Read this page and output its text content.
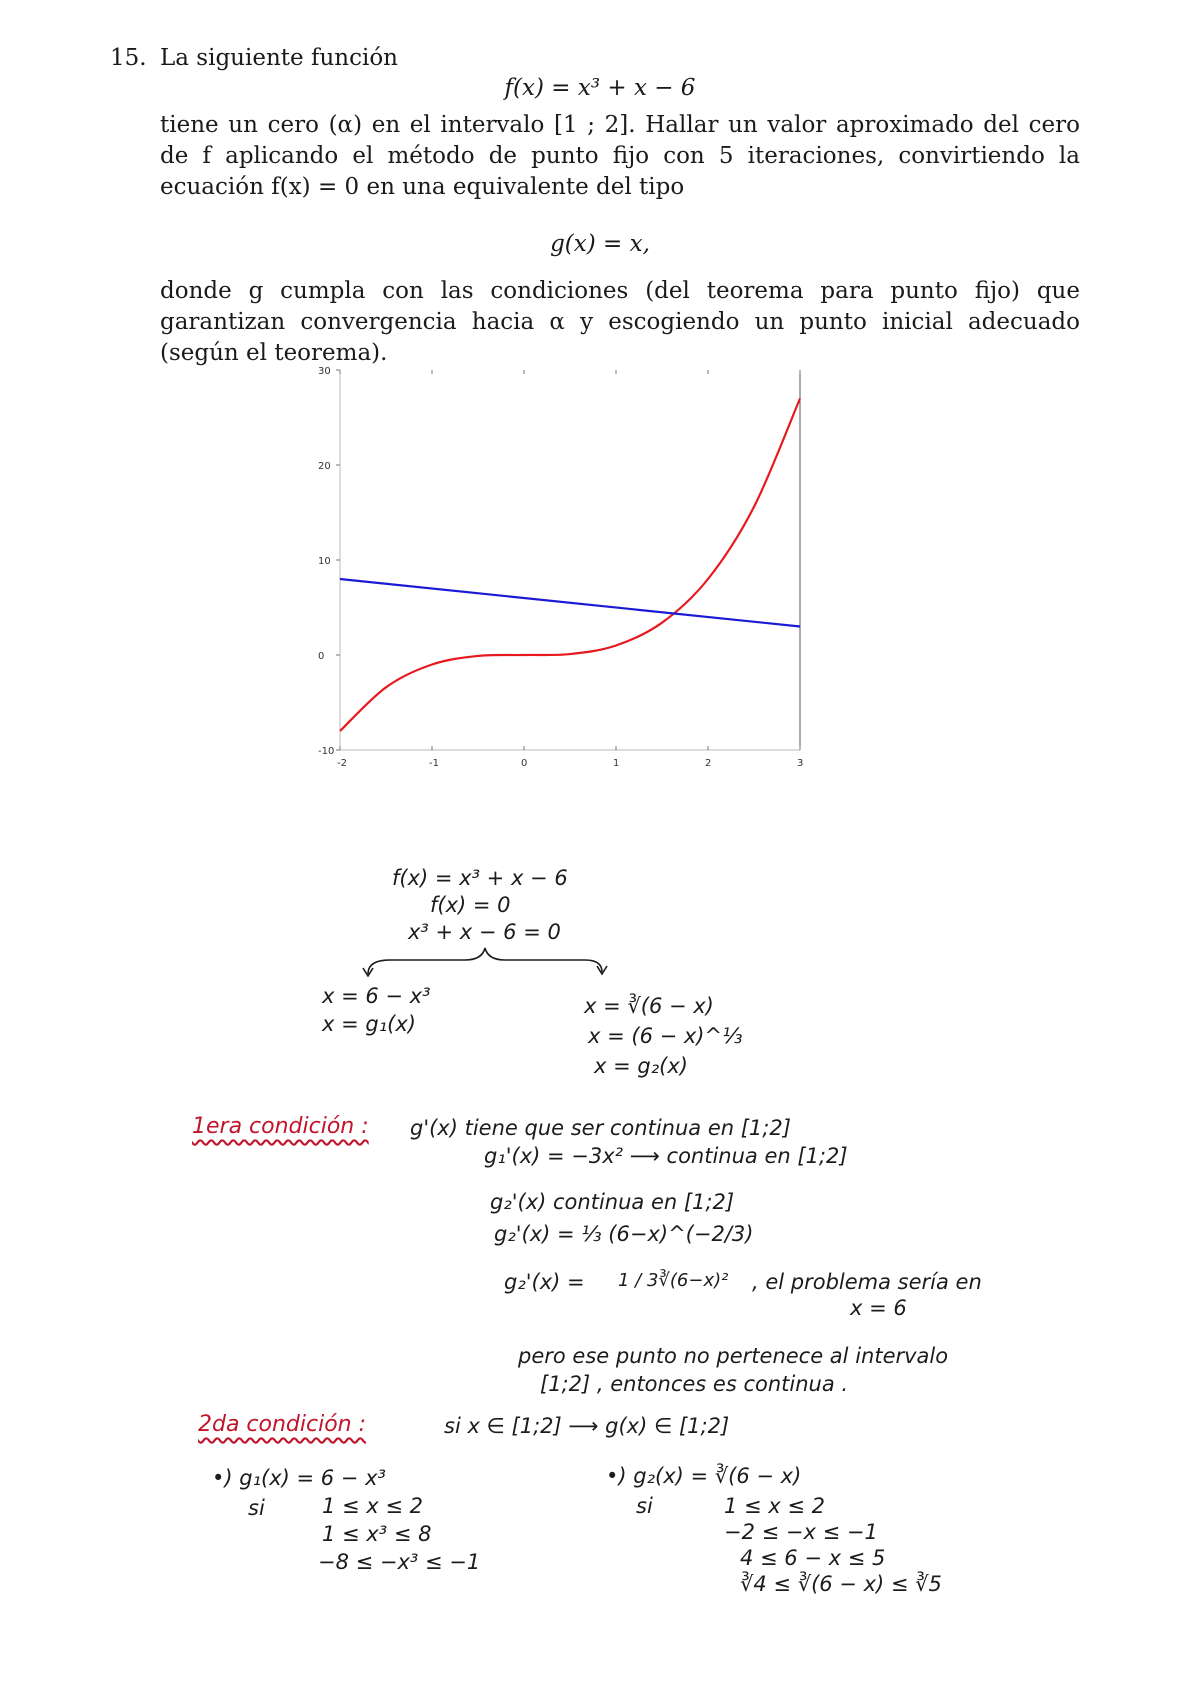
15. La siguiente función
f(x) = x³ + x − 6
tiene un cero (α) en el intervalo [1 ; 2]. Hallar un valor aproximado del cero de f aplicando el método de punto fijo con 5 iteraciones, convirtiendo la ecuación f(x) = 0 en una equivalente del tipo
g(x) = x,
donde g cumpla con las condiciones (del teorema para punto fijo) que garantizan convergencia hacia α y escogiendo un punto inicial adecuado (según el teorema).
30
20
10
0
-10
-2	-1	0	1	2	3
f(x) = x³ + x − 6
f(x) = 0
x³ + x − 6 = 0
x = 6 − x³
x = g₁(x)
x = ∛(6 − x)
x = (6 − x)^⅓
x = g₂(x)
1era condición : g'(x) tiene que ser continua en [1;2]
g₁'(x) = −3x² ⟶ continua en [1;2]
g₂'(x) continua en [1;2]
g₂'(x) = ⅓ (6−x)^(−2/3)
g₂'(x) = 1 / 3∛(6−x)² , el problema sería en
x = 6
pero ese punto no pertenece al intervalo
[1;2] , entonces es continua .
2da condición :	si x ∈ [1;2] ⟶ g(x) ∈ [1;2]
•) g₁(x) = 6 − x³
si	1 ≤ x ≤ 2
1 ≤ x³ ≤ 8
−8 ≤ −x³ ≤ −1
•) g₂(x) = ∛(6 − x)
si	1 ≤ x ≤ 2
−2 ≤ −x ≤ −1
4 ≤ 6 − x ≤ 5
∛4 ≤ ∛(6 − x) ≤ ∛5
